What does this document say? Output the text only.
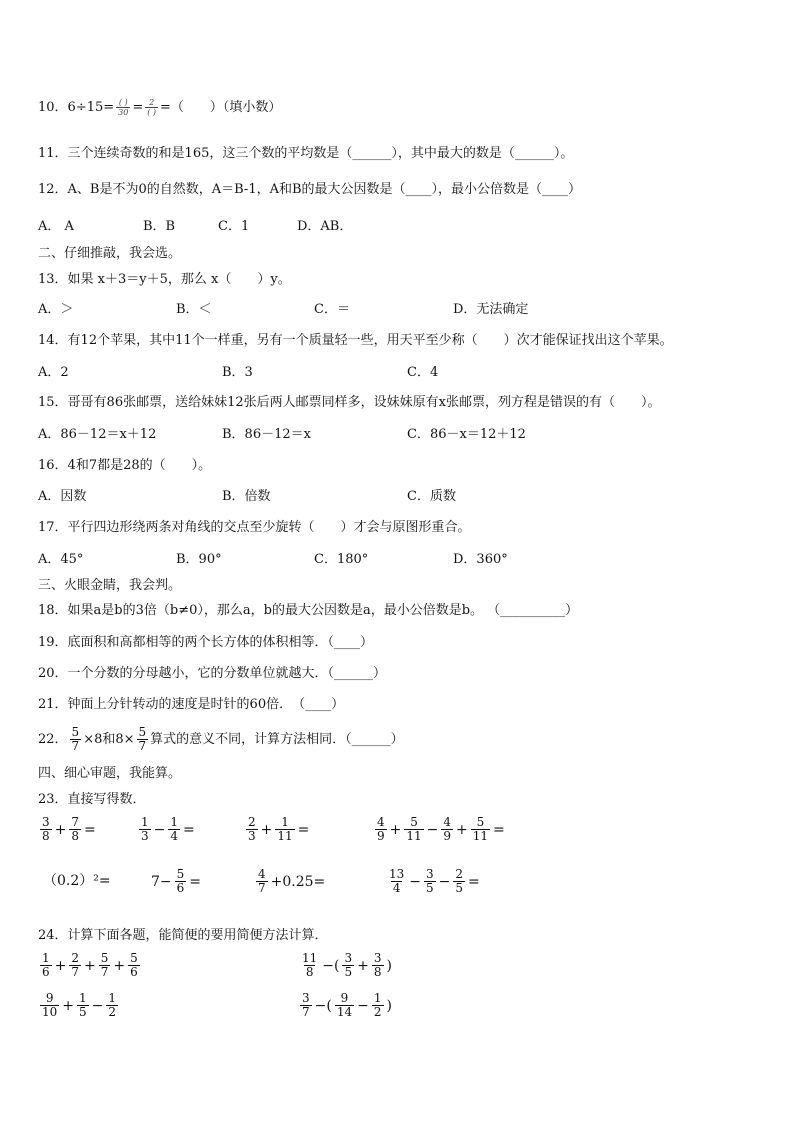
10．$6\div 15= \frac{( )}{30} = \frac{2}{( )}$ =（　　）（填小数）
11．三个连续奇数的和是165，这三个数的平均数是（______），其中最大的数是（______）。
12．A、B是不为0的自然数，A＝B-1，A和B的最大公因数是（____），最小公倍数是（____）
A． A	B．B	C．1	D．AB．
二、仔细推敲，我会选。
13．如果 x＋3＝y＋5，那么 x（　　）y。
A．＞	B．＜	C．＝	D．无法确定
14．有12个苹果，其中11个一样重，另有一个质量轻一些，用天平至少称（　　）次才能保证找出这个苹果。
A．2	B．3	C．4
15．哥哥有86张邮票，送给妹妹12张后两人邮票同样多，设妹妹原有x张邮票，列方程是错误的有（　　）。
A．86－12＝x＋12	B．86－12＝x	C．86－x＝12＋12
16．4和7都是28的（　　）。
A．因数	B．倍数	C．质数
17．平行四边形绕两条对角线的交点至少旋转（　　）才会与原图形重合。
A．45°	B．90°	C．180°	D．360°
三、火眼金睛，我会判。
18．如果a是b的3倍（b≠0），那么a，b的最大公因数是a，最小公倍数是b。 （__________）
19．底面积和高都相等的两个长方体的体积相等．（____）
20．一个分数的分母越小，它的分数单位就越大．（______）
21．钟面上分针转动的速度是时针的60倍．　（____）
22． $\frac{5}{7} \times 8$和$8\times \frac{5}{7}$ 算式的意义不同，计算方法相同．（______）
四、细心审题，我能算。
23．直接写得数．
$\frac{3}{8} + \frac{7}{8}$ =	$\frac{1}{3} - \frac{1}{4}$ =	$\frac{2}{3} + \frac{1}{11}$ =	$\frac{4}{9} + \frac{5}{11} - \frac{4}{9} + \frac{5}{11}$ =
（0.2）²=	$7- \frac{5}{6}$ =	$\frac{4}{7} +0.25=$	$\frac{13}{4} - \frac{3}{5} - \frac{2}{5}$ =
24．计算下面各题，能简便的要用简便方法计算．
$\frac{1}{6} + \frac{2}{7} + \frac{5}{7} + \frac{5}{6}$	$\frac{11}{8}$ −( $\frac{3}{5} + \frac{3}{8}$ )
$\frac{9}{10} + \frac{1}{5} - \frac{1}{2}$	$\frac{3}{7}$ −( $\frac{9}{14} - \frac{1}{2}$ )
